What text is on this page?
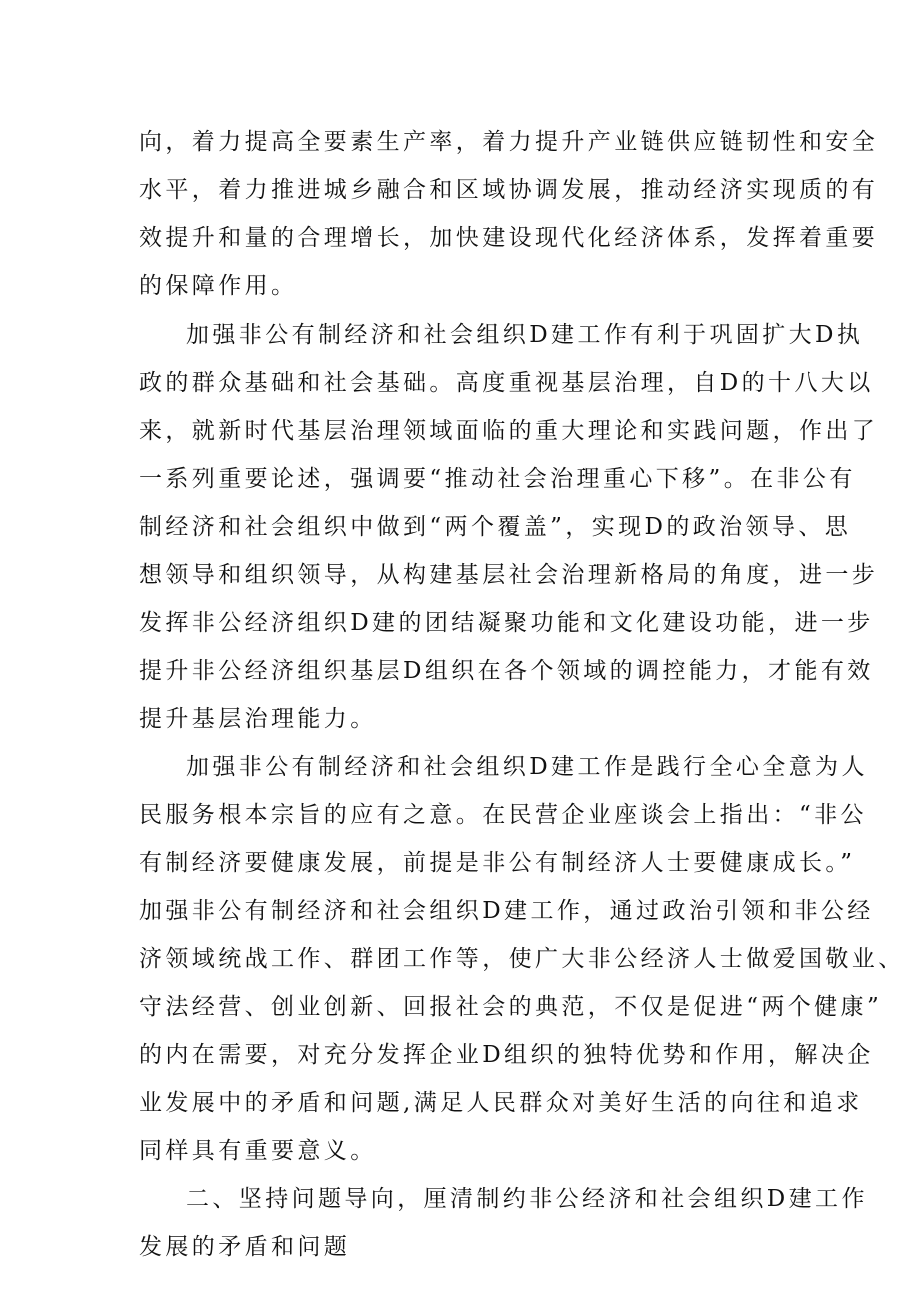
向，着力提高全要素生产率，着力提升产业链供应链韧性和安全
水平，着力推进城乡融合和区域协调发展，推动经济实现质的有
效提升和量的合理增长，加快建设现代化经济体系，发挥着重要
的保障作用。
加强非公有制经济和社会组织D建工作有利于巩固扩大D执
政的群众基础和社会基础。高度重视基层治理，自D的十八大以
来，就新时代基层治理领域面临的重大理论和实践问题，作出了
一系列重要论述，强调要“推动社会治理重心下移”。在非公有
制经济和社会组织中做到“两个覆盖”，实现D的政治领导、思
想领导和组织领导，从构建基层社会治理新格局的角度，进一步
发挥非公经济组织D建的团结凝聚功能和文化建设功能，进一步
提升非公经济组织基层D组织在各个领域的调控能力，才能有效
提升基层治理能力。
加强非公有制经济和社会组织D建工作是践行全心全意为人
民服务根本宗旨的应有之意。在民营企业座谈会上指出：“非公
有制经济要健康发展，前提是非公有制经济人士要健康成长。”
加强非公有制经济和社会组织D建工作，通过政治引领和非公经
济领域统战工作、群团工作等，使广大非公经济人士做爱国敬业、
守法经营、创业创新、回报社会的典范，不仅是促进“两个健康”
的内在需要，对充分发挥企业D组织的独特优势和作用，解决企
业发展中的矛盾和问题,满足人民群众对美好生活的向往和追求
同样具有重要意义。
二、坚持问题导向，厘清制约非公经济和社会组织D建工作
发展的矛盾和问题
